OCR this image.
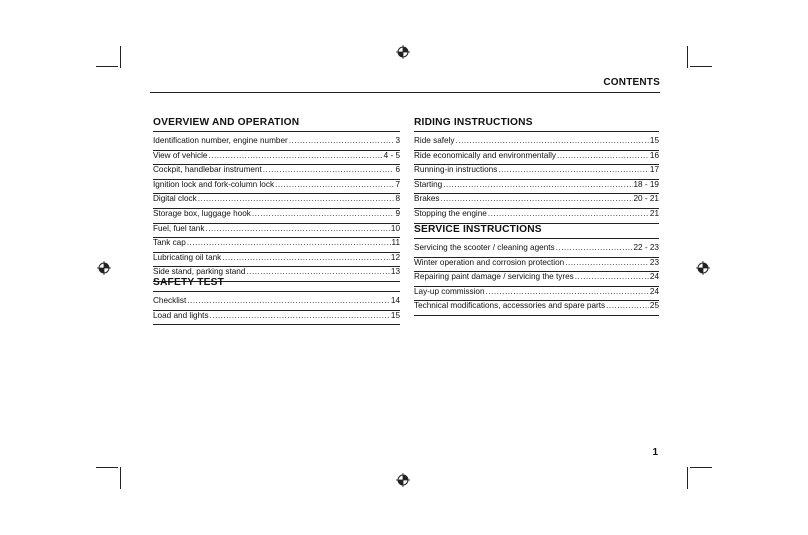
CONTENTS
OVERVIEW AND OPERATION
Identification number, engine number .....	3
View of vehicle .....	4 - 5
Cockpit, handlebar instrument .....	6
Ignition lock and fork-column lock .....	7
Digital clock .....	8
Storage box, luggage hook .....	9
Fuel, fuel tank .....	10
Tank cap .....	11
Lubricating oil tank .....	12
Side stand, parking stand .....	13
SAFETY TEST
Checklist .....	14
Load and lights .....	15
RIDING INSTRUCTIONS
Ride safely .....	15
Ride economically and environmentally .....	16
Running-in instructions .....	17
Starting .....	18 - 19
Brakes .....	20 - 21
Stopping the engine .....	21
SERVICE INSTRUCTIONS
Servicing the scooter / cleaning agents .....	22 - 23
Winter operation and corrosion protection .....	23
Repairing paint damage / servicing the tyres .....	24
Lay-up commission .....	24
Technical modifications, accessories and spare parts .....	25
1
